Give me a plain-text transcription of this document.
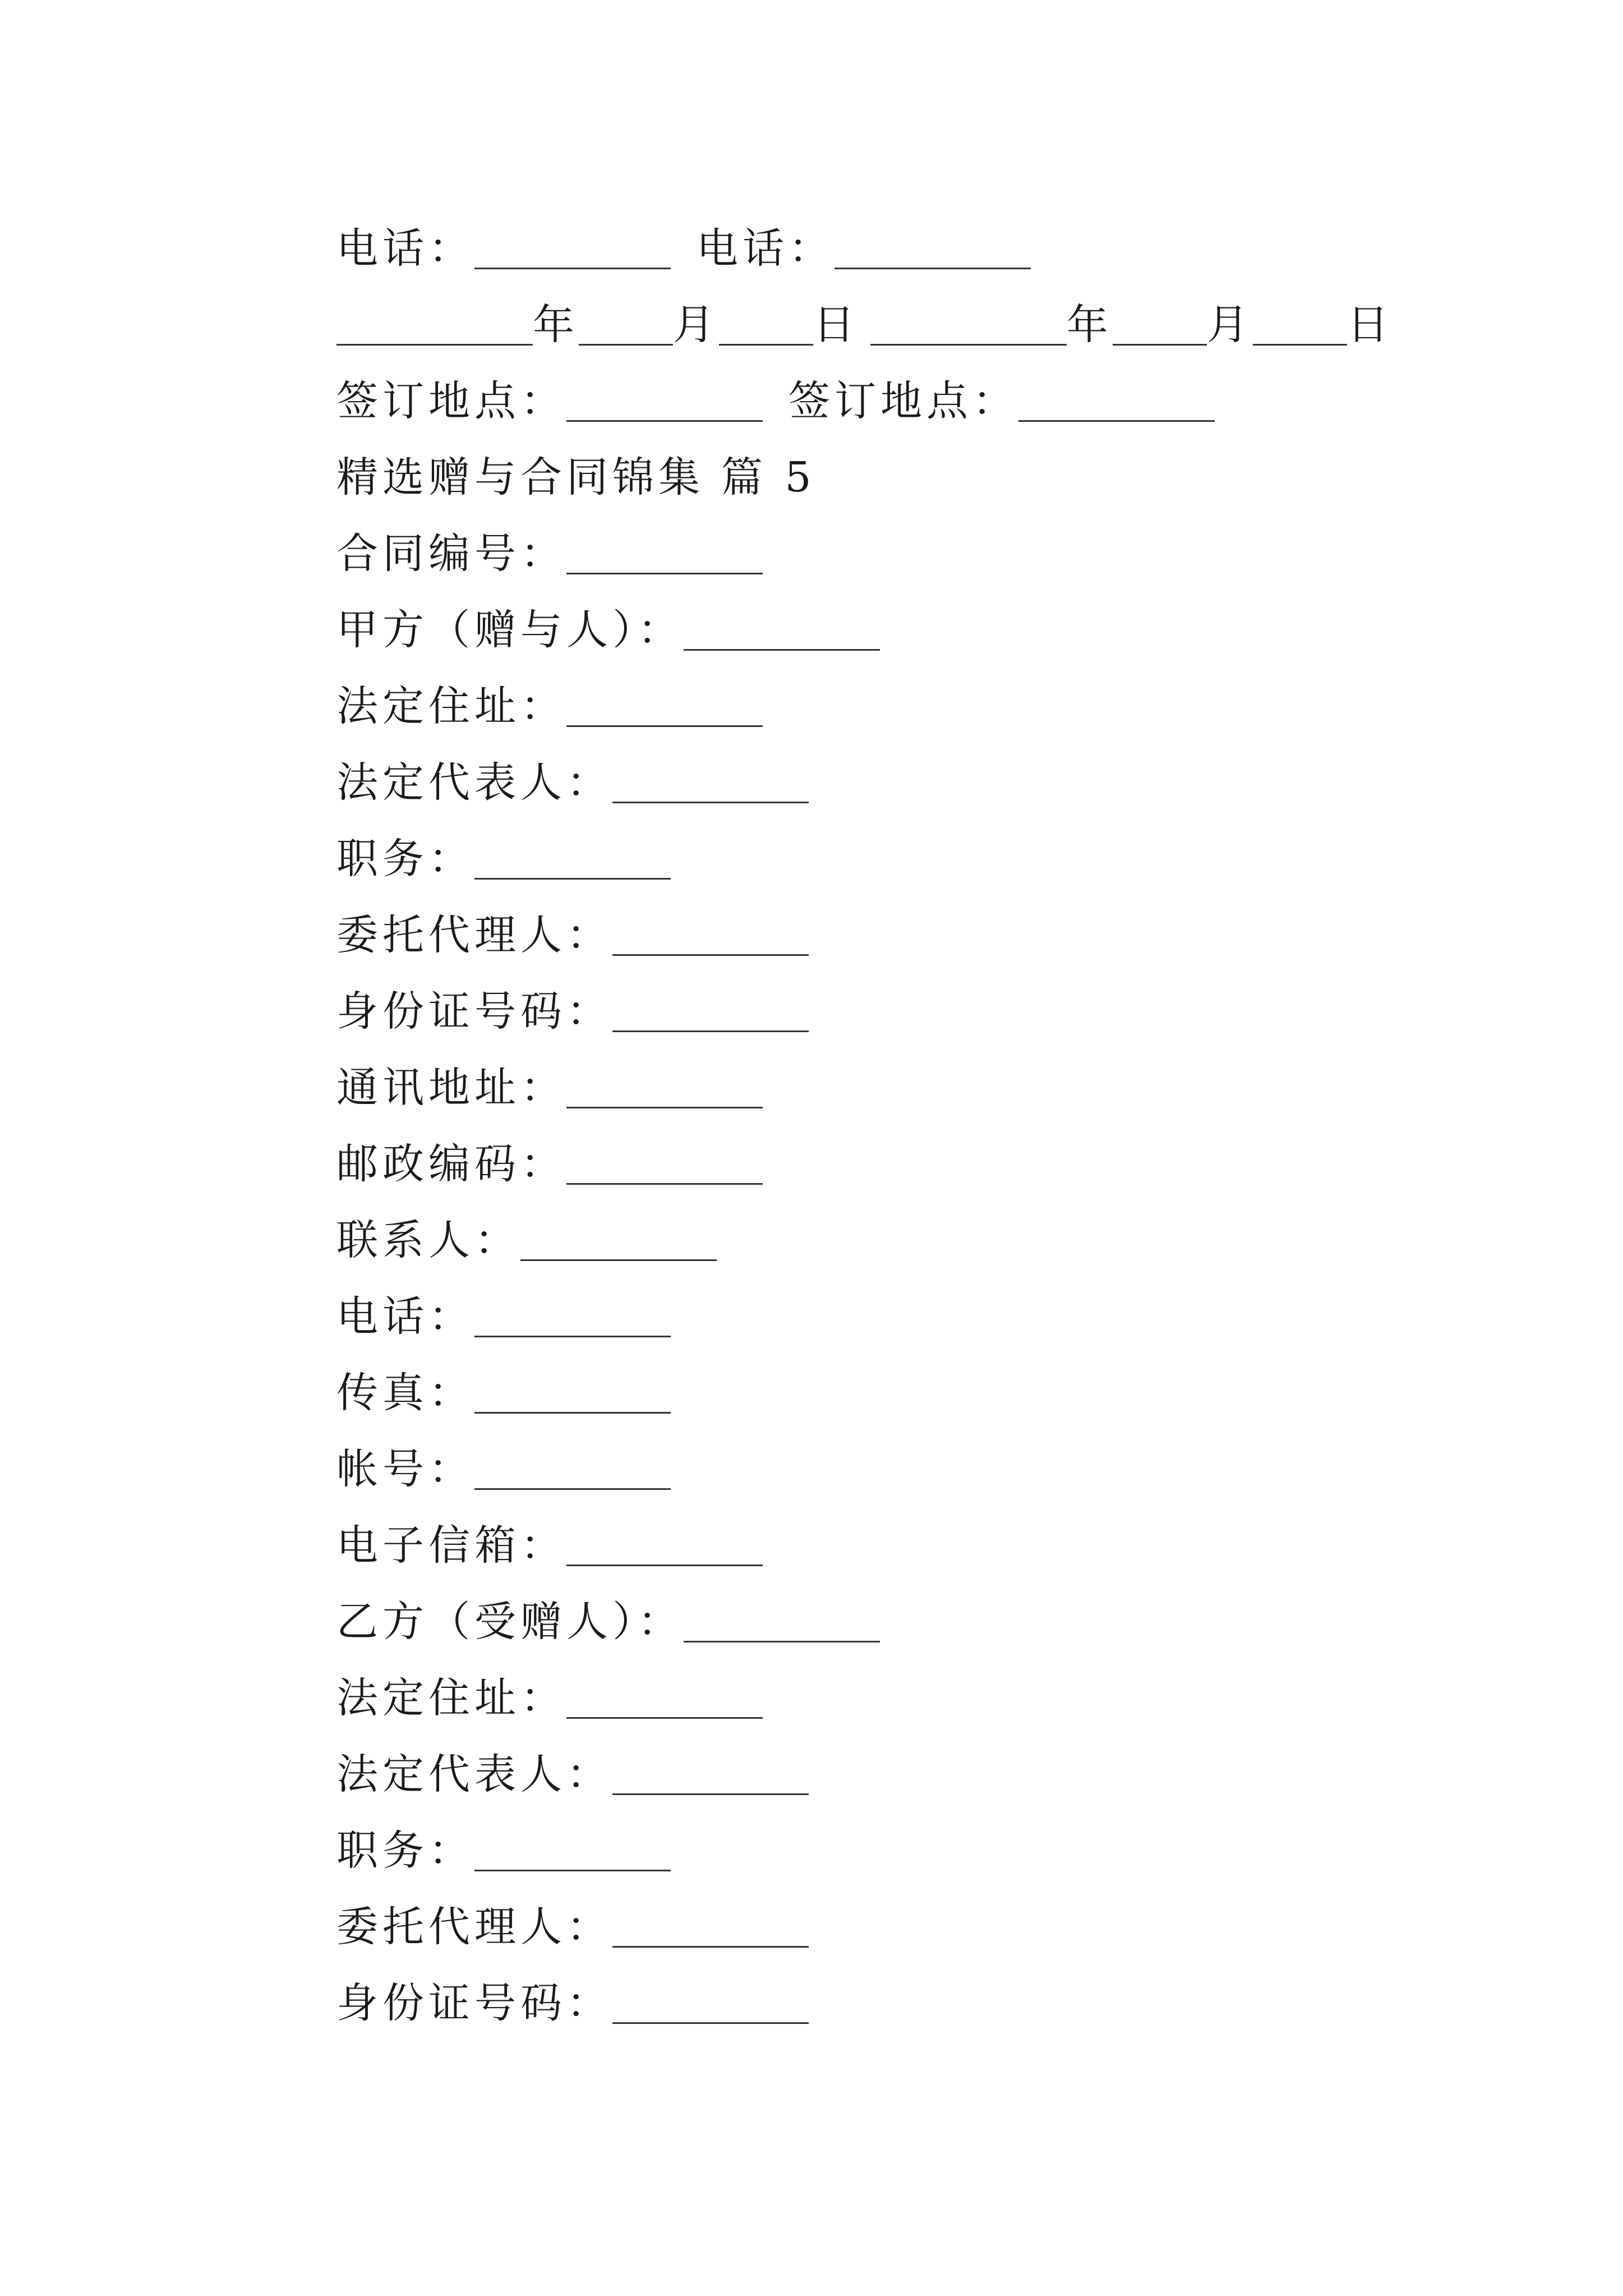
电话：	电话：
年 月 日	年 月 日
签订地点：	签订地点：
精选赠与合同锦集 篇 5
合同编号：
甲方（赠与人）：
法定住址：
法定代表人：
职务：
委托代理人：
身份证号码：
通讯地址：
邮政编码：
联系人：
电话：
传真：
帐号：
电子信箱：
乙方（受赠人）：
法定住址：
法定代表人：
职务：
委托代理人：
身份证号码：
